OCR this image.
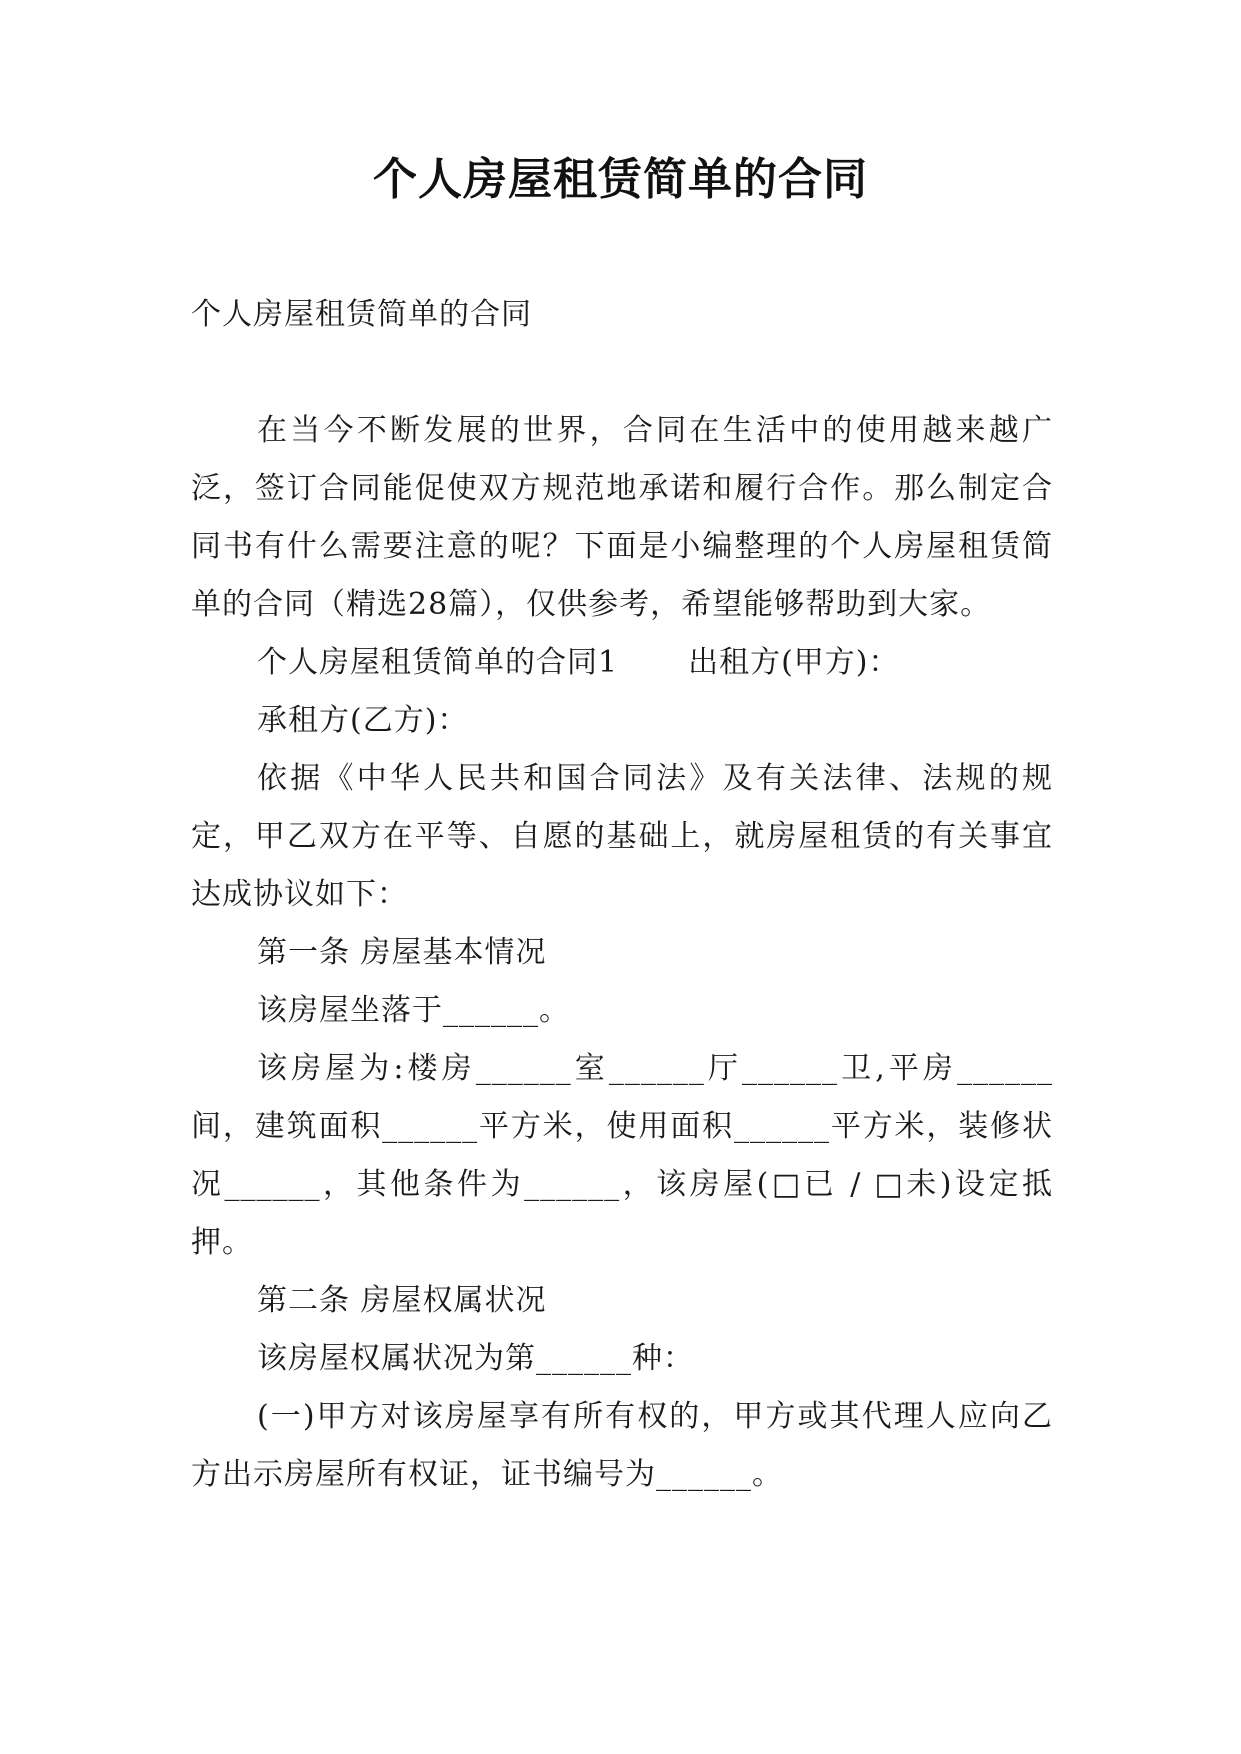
个人房屋租赁简单的合同

个人房屋租赁简单的合同

在当今不断发展的世界，合同在生活中的使用越来越广泛，签订合同能促使双方规范地承诺和履行合作。那么制定合同书有什么需要注意的呢？下面是小编整理的个人房屋租赁简单的合同（精选28篇），仅供参考，希望能够帮助到大家。

个人房屋租赁简单的合同1 出租方(甲方)：

承租方(乙方)：

依据《中华人民共和国合同法》及有关法律、法规的规定，甲乙双方在平等、自愿的基础上，就房屋租赁的有关事宜达成协议如下：

第一条 房屋基本情况

该房屋坐落于______。

该房屋为:楼房______室______厅______卫,平房______间，建筑面积______平方米，使用面积______平方米，装修状况______，其他条件为______，该房屋(□已 / □未)设定抵押。

第二条 房屋权属状况

该房屋权属状况为第______种：

(一)甲方对该房屋享有所有权的，甲方或其代理人应向乙方出示房屋所有权证，证书编号为______。
